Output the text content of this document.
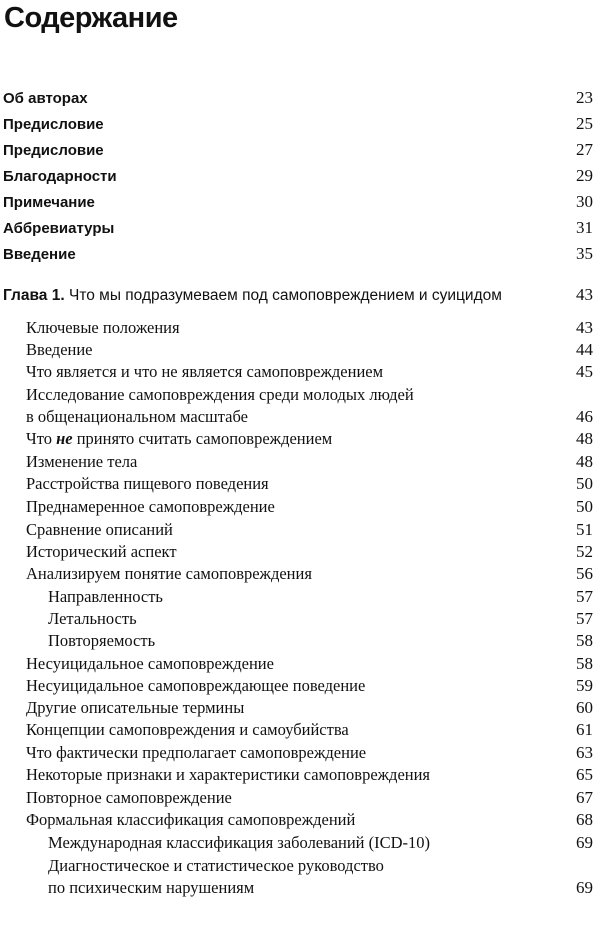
Содержание
Об авторах	23
Предисловие	25
Предисловие	27
Благодарности	29
Примечание	30
Аббревиатуры	31
Введение	35
Глава 1. Что мы подразумеваем под самоповреждением и суицидом	43
Ключевые положения	43
Введение	44
Что является и что не является самоповреждением	45
Исследование самоповреждения среди молодых людей
в общенациональном масштабе	46
Что не принято считать самоповреждением	48
Изменение тела	48
Расстройства пищевого поведения	50
Преднамеренное самоповреждение	50
Сравнение описаний	51
Исторический аспект	52
Анализируем понятие самоповреждения	56
Направленность	57
Летальность	57
Повторяемость	58
Несуицидальное самоповреждение	58
Несуицидальное самоповреждающее поведение	59
Другие описательные термины	60
Концепции самоповреждения и самоубийства	61
Что фактически предполагает самоповреждение	63
Некоторые признаки и характеристики самоповреждения	65
Повторное самоповреждение	67
Формальная классификация самоповреждений	68
Международная классификация заболеваний (ICD-10)	69
Диагностическое и статистическое руководство
по психическим нарушениям	69
